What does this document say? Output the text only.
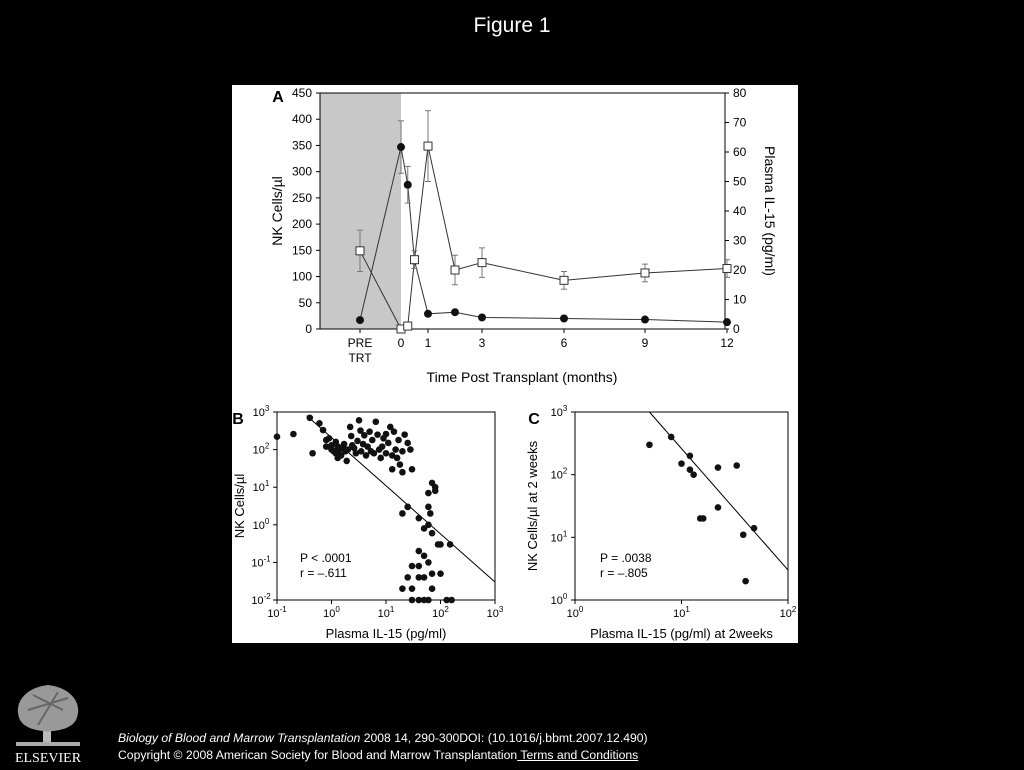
Figure 1
A
0
50
100
150
200
250
300
350
400
450
0
10
20
30
40
50
60
70
80
PRE
TRT
0 1	3	6	9	12
Time Post Transplant (months)
NK Cells/µl	Plasma IL-15 (pg/ml)
B
$10^{-1}$	$10^0$	$10^1$	$10^2$	$10^3$
$10^{-2}$
$10^{-1}$
$10^0$
$10^1$
$10^2$
$10^3$
P < .0001
r = –.611
Plasma IL-15 (pg/ml)
NK Cells/µl
C
$10^0$	$10^1$	$10^2$
$10^0$
$10^1$
$10^2$
$10^3$
P = .0038
r = –.805
Plasma IL-15 (pg/ml) at 2weeks
NK Cells/µl at 2 weeks
ELSEVIER
Biology of Blood and Marrow Transplantation 2008 14, 290-300DOI: (10.1016/j.bbmt.2007.12.490)
Copyright © 2008 American Society for Blood and Marrow Transplantation Terms and Conditions
